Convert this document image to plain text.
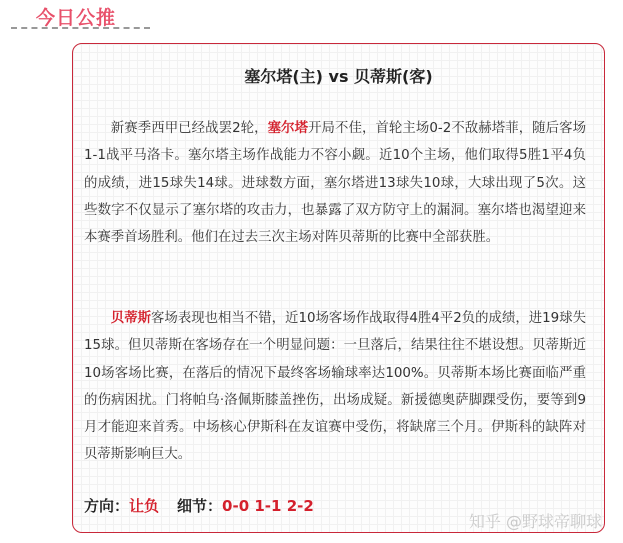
今日公推
塞尔塔(主) vs 贝蒂斯(客)

新赛季西甲已经战罢2轮，塞尔塔开局不佳，首轮主场0-2不敌赫塔菲，随后客场1-1战平马洛卡。塞尔塔主场作战能力不容小觑。近10个主场，他们取得5胜1平4负的成绩，进15球失14球。进球数方面，塞尔塔进13球失10球，大球出现了5次。这些数字不仅显示了塞尔塔的攻击力，也暴露了双方防守上的漏洞。塞尔塔也渴望迎来本赛季首场胜利。他们在过去三次主场对阵贝蒂斯的比赛中全部获胜。

贝蒂斯客场表现也相当不错，近10场客场作战取得4胜4平2负的成绩，进19球失15球。但贝蒂斯在客场存在一个明显问题：一旦落后，结果往往不堪设想。贝蒂斯近10场客场比赛，在落后的情况下最终客场输球率达100%。贝蒂斯本场比赛面临严重的伤病困扰。门将帕乌·洛佩斯膝盖挫伤，出场成疑。新援德奥萨脚踝受伤，要等到9月才能迎来首秀。中场核心伊斯科在友谊赛中受伤，将缺席三个月。伊斯科的缺阵对贝蒂斯影响巨大。

方向：让负 细节：0-0 1-1 2-2
知乎 @野球帝聊球
